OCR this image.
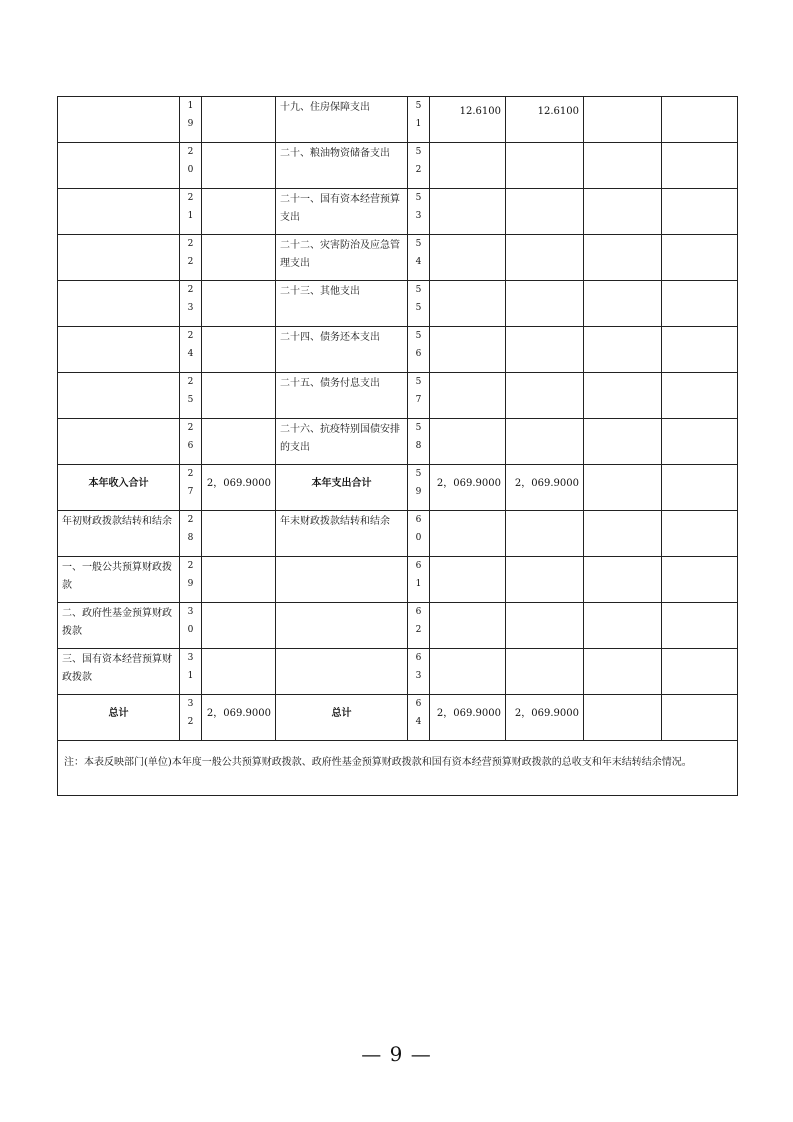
	19		十九、住房保障支出	51	12.6100	12.6100		

	20		二十、粮油物资储备支出	52				

	21		二十一、国有资本经营预算支出	53				

	22		二十二、灾害防治及应急管理支出	54				

	23		二十三、其他支出	55				

	24		二十四、债务还本支出	56				

	25		二十五、债务付息支出	57				

	26		二十六、抗疫特别国债安排的支出	58				

本年收入合计	27	2，069.9000	本年支出合计	59	2，069.9000	2，069.9000		
年初财政拨款结转和结余	28		年末财政拨款结转和结余	60				

一、一般公共预算财政拨款	29			61				

二、政府性基金预算财政拨款	30			62				

三、国有资本经营预算财政拨款	31			63				

总计	32	2，069.9000	总计	64	2，069.9000	2，069.9000		
注：本表反映部门(单位)本年度一般公共预算财政拨款、政府性基金预算财政拨款和国有资本经营预算财政拨款的总收支和年末结转结余情况。								
— 9 —
